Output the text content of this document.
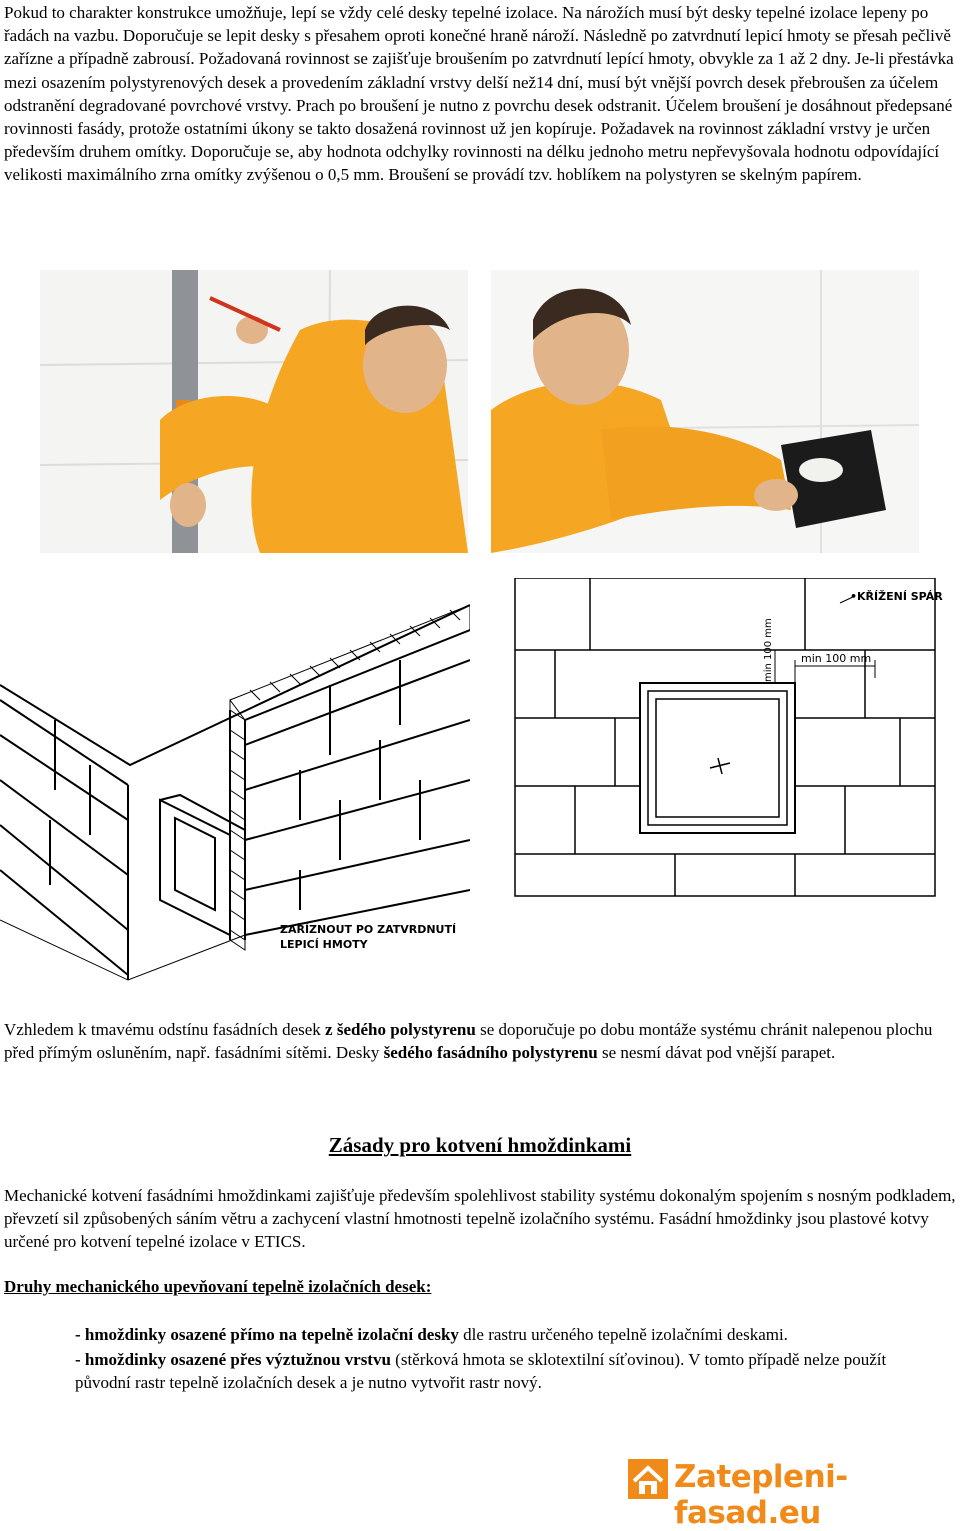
Pokud to charakter konstrukce umožňuje, lepí se vždy celé desky tepelné izolace. Na nárožích musí být desky tepelné izolace lepeny po řadách na vazbu. Doporučuje se lepit desky s přesahem oproti konečné hraně nároží. Následně po zatvrdnutí lepicí hmoty se přesah pečlivě zařízne a případně zabrousí. Požadovaná rovinnost se zajišťuje broušením po zatvrdnutí lepící hmoty, obvykle za 1 až 2 dny. Je-li přestávka mezi osazením polystyrenových desek a provedením základní vrstvy delší než14 dní, musí být vnější povrch desek přebroušen za účelem odstranění degradované povrchové vrstvy. Prach po broušení je nutno z povrchu desek odstranit. Účelem broušení je dosáhnout předepsané rovinnosti fasády, protože ostatními úkony se takto dosažená rovinnost už jen kopíruje. Požadavek na rovinnost základní vrstvy je určen především druhem omítky. Doporučuje se, aby hodnota odchylky rovinnosti na délku jednoho metru nepřevyšovala hodnotu odpovídající velikosti maximálního zrna omítky zvýšenou o 0,5 mm. Broušení se provádí tzv. hoblíkem na polystyren se skelným papírem.
ZAŘÍZNOUT PO ZATVRDNUTÍ
LEPICÍ HMOTY
min 100 mm
min 100 mm
•KŘÍŽENÍ SPÁR
Vzhledem k tmavému odstínu fasádních desek z šedého polystyrenu se doporučuje po dobu montáže systému chránit nalepenou plochu před přímým osluněním, např. fasádními sítěmi. Desky šedého fasádního polystyrenu se nesmí dávat pod vnější parapet.
Zásady pro kotvení hmoždinkami
Mechanické kotvení fasádními hmoždinkami zajišťuje především spolehlivost stability systému dokonalým spojením s nosným podkladem, převzetí sil způsobených sáním větru a zachycení vlastní hmotnosti tepelně izolačního systému. Fasádní hmoždinky jsou plastové kotvy určené pro kotvení tepelné izolace v ETICS.
Druhy mechanického upevňovaní tepelně izolačních desek:
- hmoždinky osazené přímo na tepelně izolační desky dle rastru určeného tepelně izolačními deskami.
- hmoždinky osazené přes výztužnou vrstvu (stěrková hmota se sklotextilní síťovinou). V tomto případě nelze použít původní rastr tepelně izolačních desek a je nutno vytvořit rastr nový.
Zatepleni-fasad.eu
